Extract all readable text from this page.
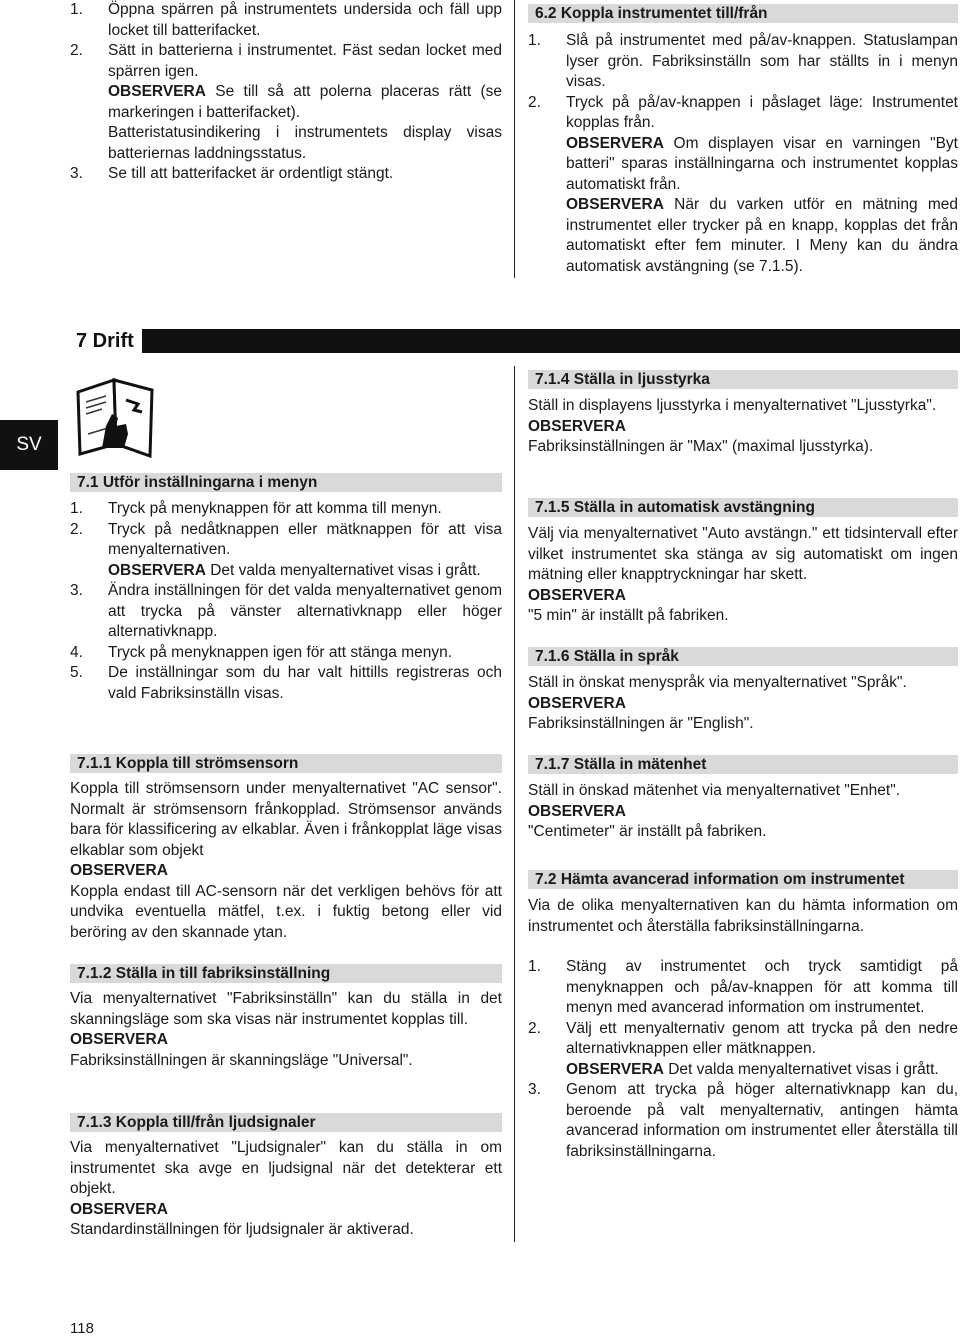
1.	Öppna spärren på instrumentets undersida och fäll upp locket till batterifacket.
2.	Sätt in batterierna i instrumentet. Fäst sedan locket med spärren igen.

OBSERVERA Se till så att polerna placeras rätt (se markeringen i batterifacket).

Batteristatusindikering i instrumentets display visas batteriernas laddningsstatus.

3.	Se till att batterifacket är ordentligt stängt.
6.2 Koppla instrumentet till/från
1.	Slå på instrumentet med på/av-knappen. Statuslampan lyser grön. Fabriksinställn som har ställts in i menyn visas.
2.	Tryck på på/av-knappen i påslaget läge: Instrumentet kopplas från.

OBSERVERA Om displayen visar en varningen "Byt batteri" sparas inställningarna och instrumentet kopplas automatiskt från.

OBSERVERA När du varken utför en mätning med instrumentet eller trycker på en knapp, kopplas det från automatiskt efter fem minuter. I Meny kan du ändra automatisk avstängning (se 7.1.5).

7 Drift
SV
7.1 Utför inställningarna i menyn
1.	Tryck på menyknappen för att komma till menyn.
2.	Tryck på nedåtknappen eller mätknappen för att visa menyalternativen.

OBSERVERA Det valda menyalternativet visas i grått.

3.	Ändra inställningen för det valda menyalternativet genom att trycka på vänster alternativknapp eller höger alternativknapp.
4.	Tryck på menyknappen igen för att stänga menyn.
5.	De inställningar som du har valt hittills registreras och vald Fabriksinställn visas.
7.1.1 Koppla till strömsensorn

Koppla till strömsensorn under menyalternativet "AC sensor". Normalt är strömsensorn frånkopplad. Strömsensor används bara för klassificering av elkablar. Även i frånkopplat läge visas elkablar som objekt

OBSERVERA

Koppla endast till AC-sensorn när det verkligen behövs för att undvika eventuella mätfel, t.ex. i fuktig betong eller vid beröring av den skannade ytan.

7.1.2 Ställa in till fabriksinställning

Via menyalternativet "Fabriksinställn" kan du ställa in det skanningsläge som ska visas när instrumentet kopplas till.

OBSERVERA

Fabriksinställningen är skanningsläge "Universal".

7.1.3 Koppla till/från ljudsignaler

Via menyalternativet "Ljudsignaler" kan du ställa in om instrumentet ska avge en ljudsignal när det detekterar ett objekt.

OBSERVERA

Standardinställningen för ljudsignaler är aktiverad.

7.1.4 Ställa in ljusstyrka

Ställ in displayens ljusstyrka i menyalternativet "Ljusstyrka".

OBSERVERA

Fabriksinställningen är "Max" (maximal ljusstyrka).

7.1.5 Ställa in automatisk avstängning

Välj via menyalternativet "Auto avstängn." ett tidsintervall efter vilket instrumentet ska stänga av sig automatiskt om ingen mätning eller knapptryckningar har skett.

OBSERVERA

"5 min" är inställt på fabriken.

7.1.6 Ställa in språk

Ställ in önskat menyspråk via menyalternativet "Språk".

OBSERVERA

Fabriksinställningen är "English".

7.1.7 Ställa in mätenhet

Ställ in önskad mätenhet via menyalternativet "Enhet".

OBSERVERA

"Centimeter" är inställt på fabriken.

7.2 Hämta avancerad information om instrumentet

Via de olika menyalternativen kan du hämta information om instrumentet och återställa fabriksinställningarna.

1.	Stäng av instrumentet och tryck samtidigt på menyknappen och på/av-knappen för att komma till menyn med avancerad information om instrumentet.
2.	Välj ett menyalternativ genom att trycka på den nedre alternativknappen eller mätknappen.

OBSERVERA Det valda menyalternativet visas i grått.

3.	Genom att trycka på höger alternativknapp kan du, beroende på valt menyalternativ, antingen hämta avancerad information om instrumentet eller återställa till fabriksinställningarna.
118
